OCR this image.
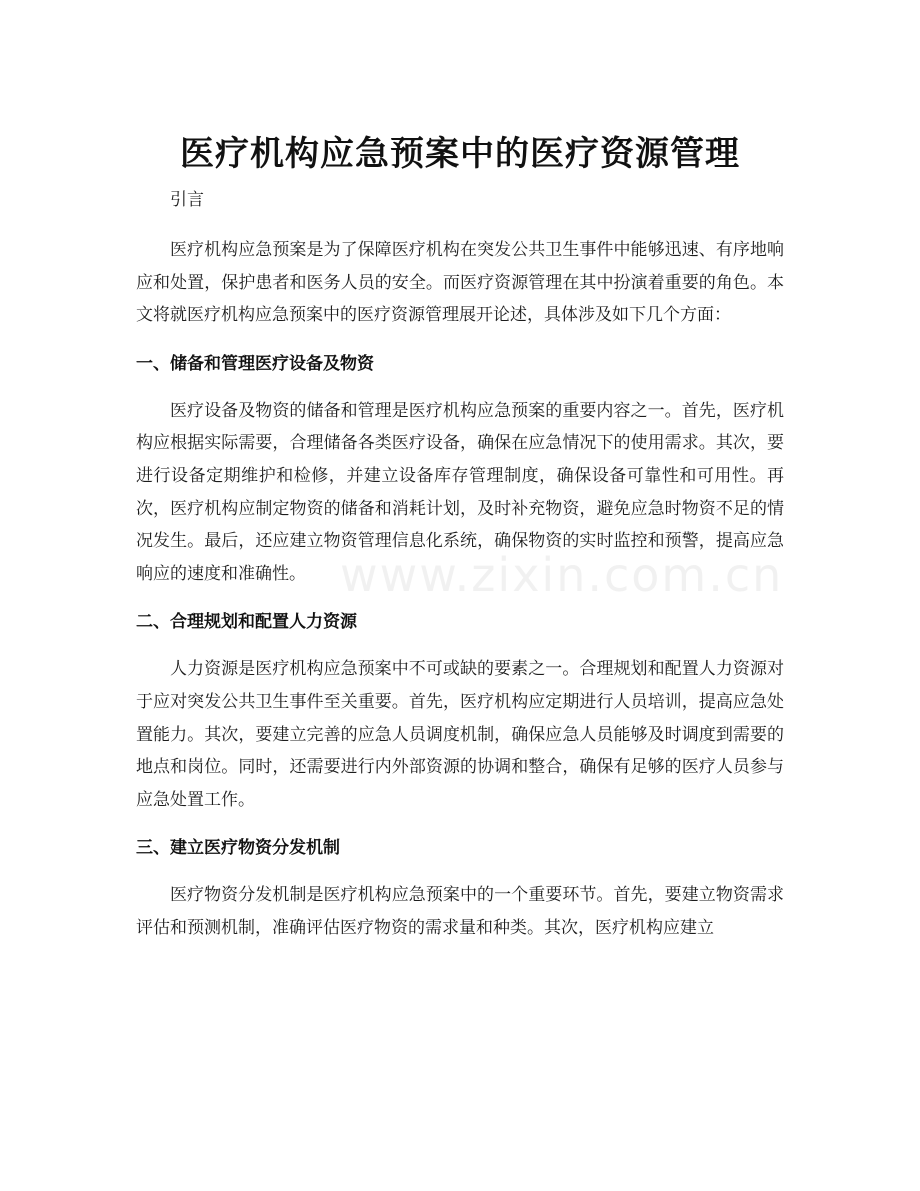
www.zixin.com.cn
医疗机构应急预案中的医疗资源管理

引言

医疗机构应急预案是为了保障医疗机构在突发公共卫生事件中能够迅速、有序地响应和处置，保护患者和医务人员的安全。而医疗资源管理在其中扮演着重要的角色。本文将就医疗机构应急预案中的医疗资源管理展开论述，具体涉及如下几个方面：

一、储备和管理医疗设备及物资

医疗设备及物资的储备和管理是医疗机构应急预案的重要内容之一。首先，医疗机构应根据实际需要，合理储备各类医疗设备，确保在应急情况下的使用需求。其次，要进行设备定期维护和检修，并建立设备库存管理制度，确保设备可靠性和可用性。再次，医疗机构应制定物资的储备和消耗计划，及时补充物资，避免应急时物资不足的情况发生。最后，还应建立物资管理信息化系统，确保物资的实时监控和预警，提高应急响应的速度和准确性。

二、合理规划和配置人力资源

人力资源是医疗机构应急预案中不可或缺的要素之一。合理规划和配置人力资源对于应对突发公共卫生事件至关重要。首先，医疗机构应定期进行人员培训，提高应急处置能力。其次，要建立完善的应急人员调度机制，确保应急人员能够及时调度到需要的地点和岗位。同时，还需要进行内外部资源的协调和整合，确保有足够的医疗人员参与应急处置工作。

三、建立医疗物资分发机制

医疗物资分发机制是医疗机构应急预案中的一个重要环节。首先，要建立物资需求评估和预测机制，准确评估医疗物资的需求量和种类。其次，医疗机构应建立
